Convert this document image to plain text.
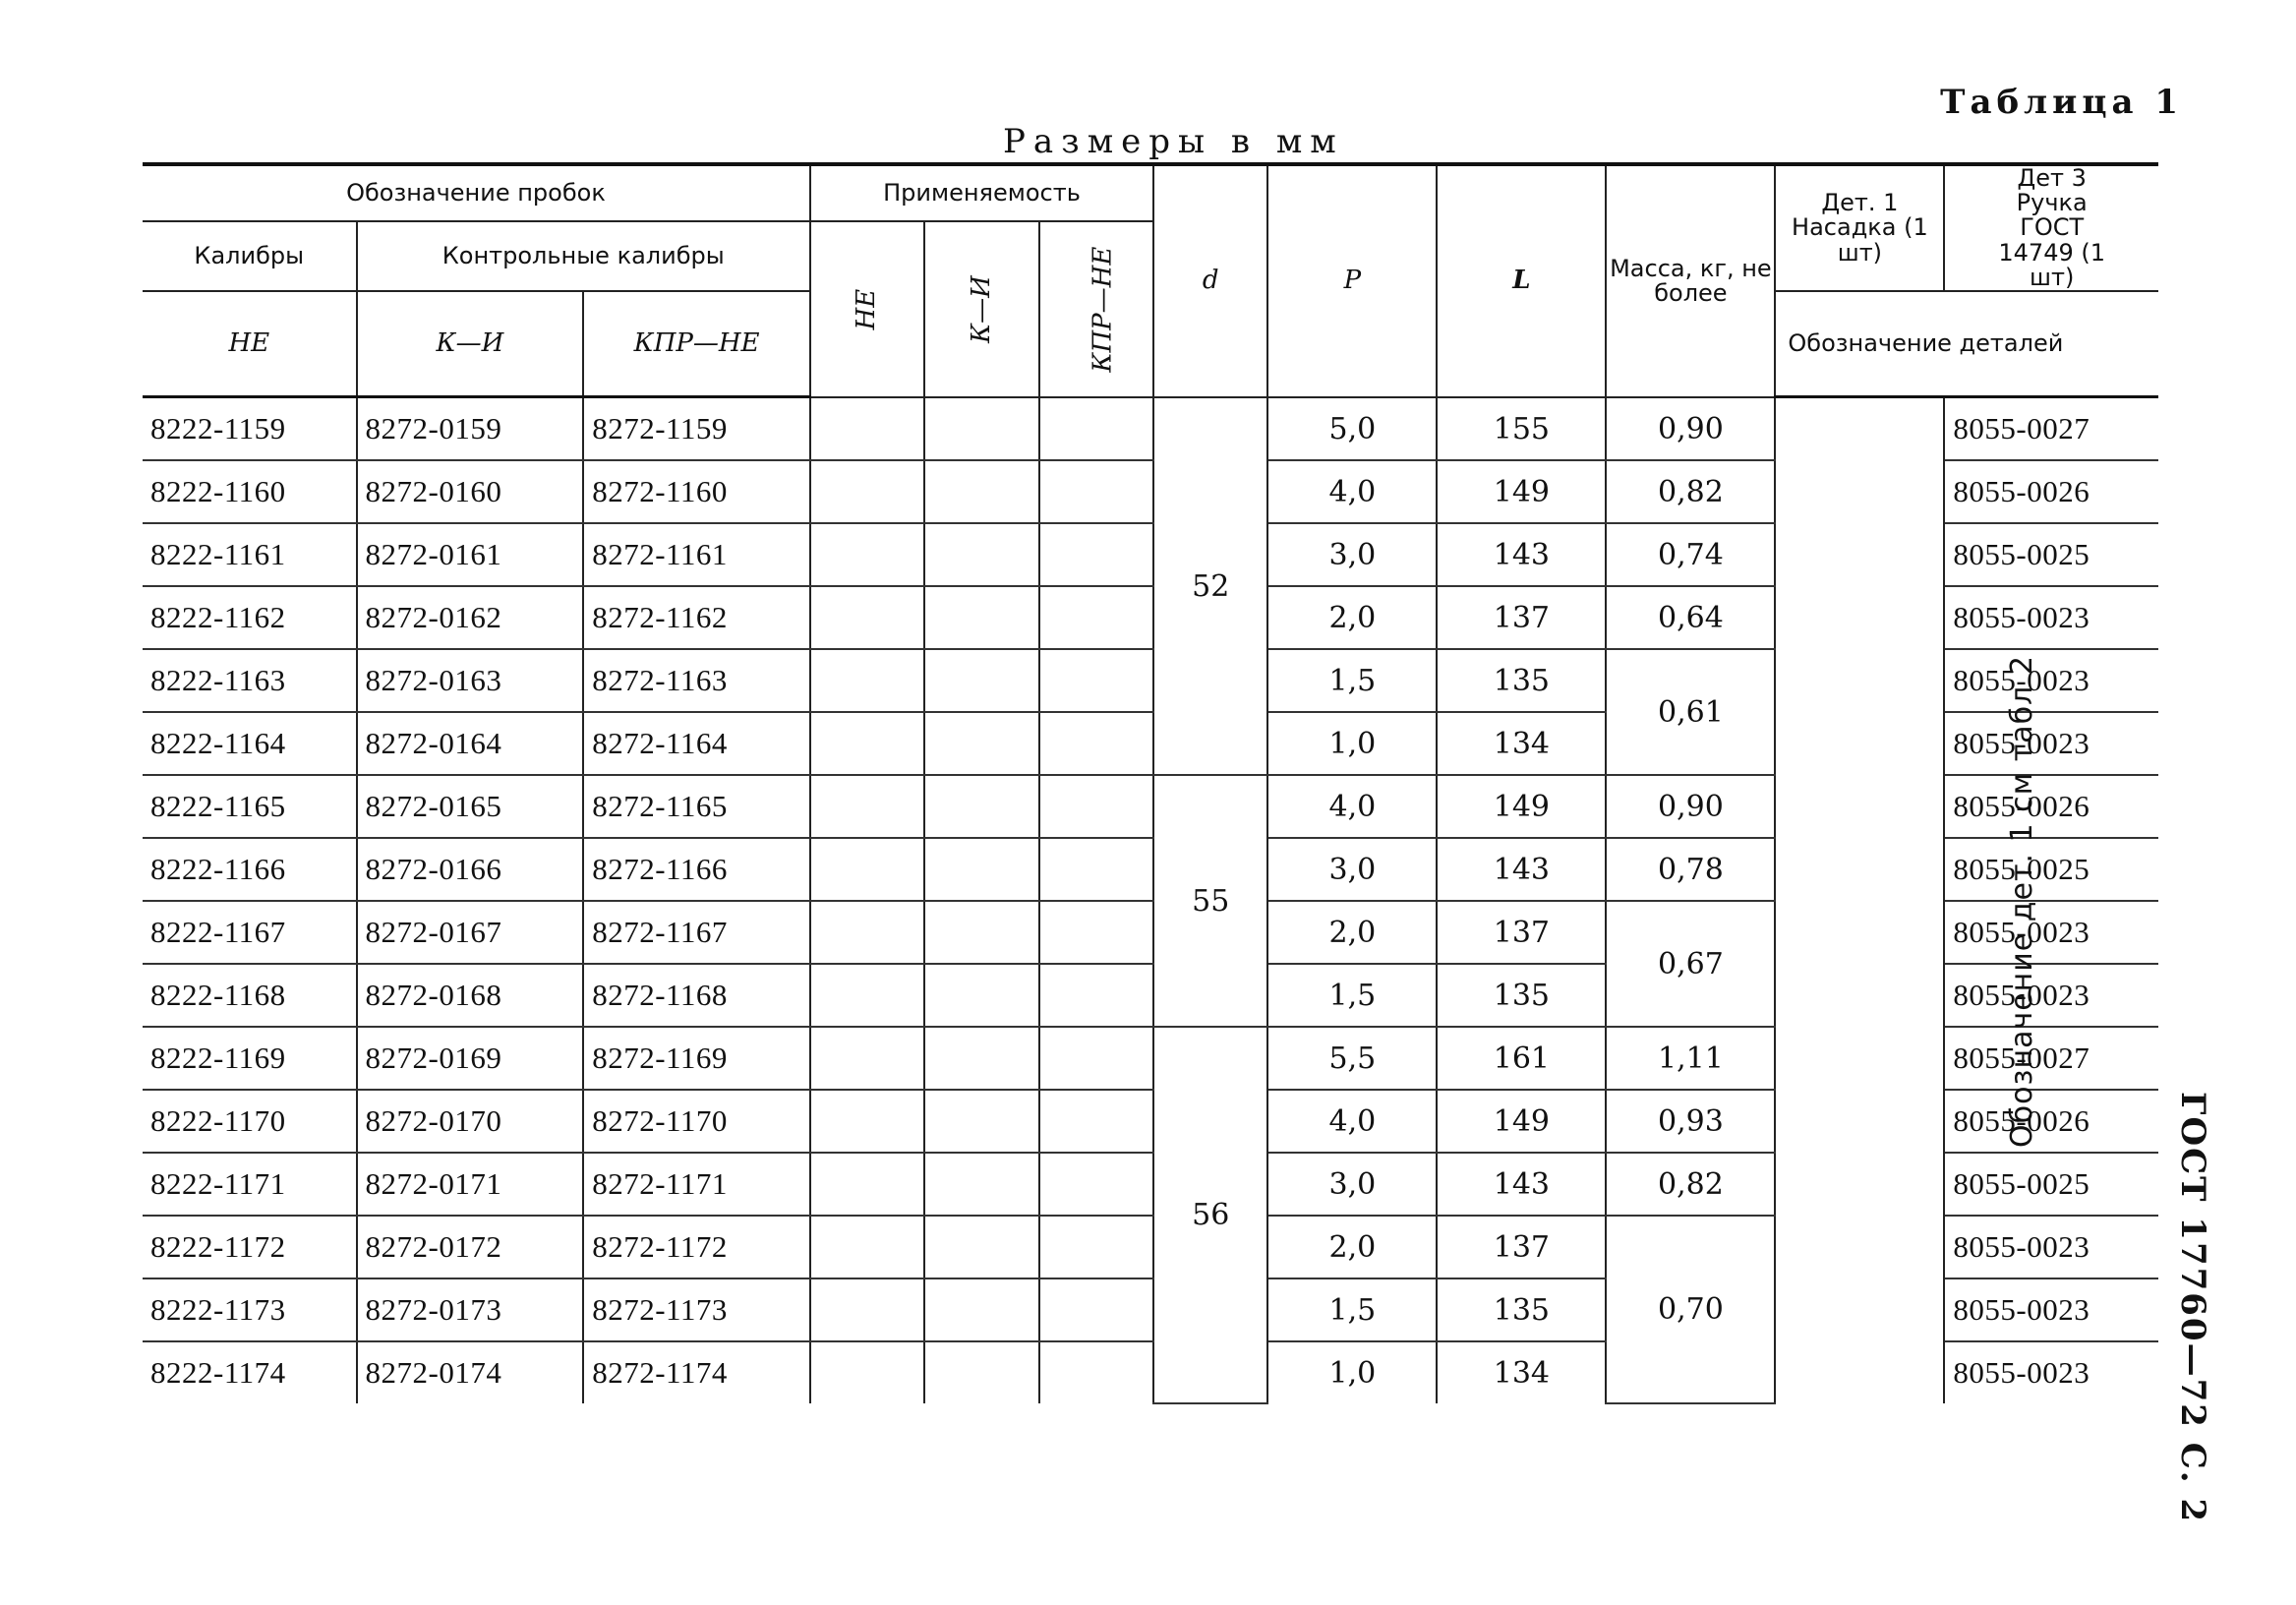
Таблица 1
Размеры в мм
ГОСТ 17760—72 С. 2
Обозначение пробок			Применяемость			d	P	L	Масса, кг, не более	Дет. 1 Насадка (1 шт)	Дет 3 Ручка ГОСТ 14749 (1 шт)
Калибры	Контрольные калибры		НЕ	К—И	КПР—НЕ						
НЕ	К—И	КПР—НЕ								Обозначение деталей	
8222-1159	8272-0159	8272-1159				52	5,0	155	0,90	Обозначение дет. 1 см табл 2	8055-0027
8222-1160	8272-0160	8272-1160					4,0	149	0,82		8055-0026
8222-1161	8272-0161	8272-1161					3,0	143	0,74		8055-0025
8222-1162	8272-0162	8272-1162					2,0	137	0,64		8055-0023
8222-1163	8272-0163	8272-1163					1,5	135	0,61		8055-0023
8222-1164	8272-0164	8272-1164					1,0	134			8055-0023
8222-1165	8272-0165	8272-1165				55	4,0	149	0,90		8055-0026
8222-1166	8272-0166	8272-1166					3,0	143	0,78		8055-0025
8222-1167	8272-0167	8272-1167					2,0	137	0,67		8055-0023
8222-1168	8272-0168	8272-1168					1,5	135			8055-0023
8222-1169	8272-0169	8272-1169				56	5,5	161	1,11		8055-0027
8222-1170	8272-0170	8272-1170					4,0	149	0,93		8055-0026
8222-1171	8272-0171	8272-1171					3,0	143	0,82		8055-0025
8222-1172	8272-0172	8272-1172					2,0	137	0,70		8055-0023
8222-1173	8272-0173	8272-1173					1,5	135			8055-0023
8222-1174	8272-0174	8272-1174					1,0	134			8055-0023
